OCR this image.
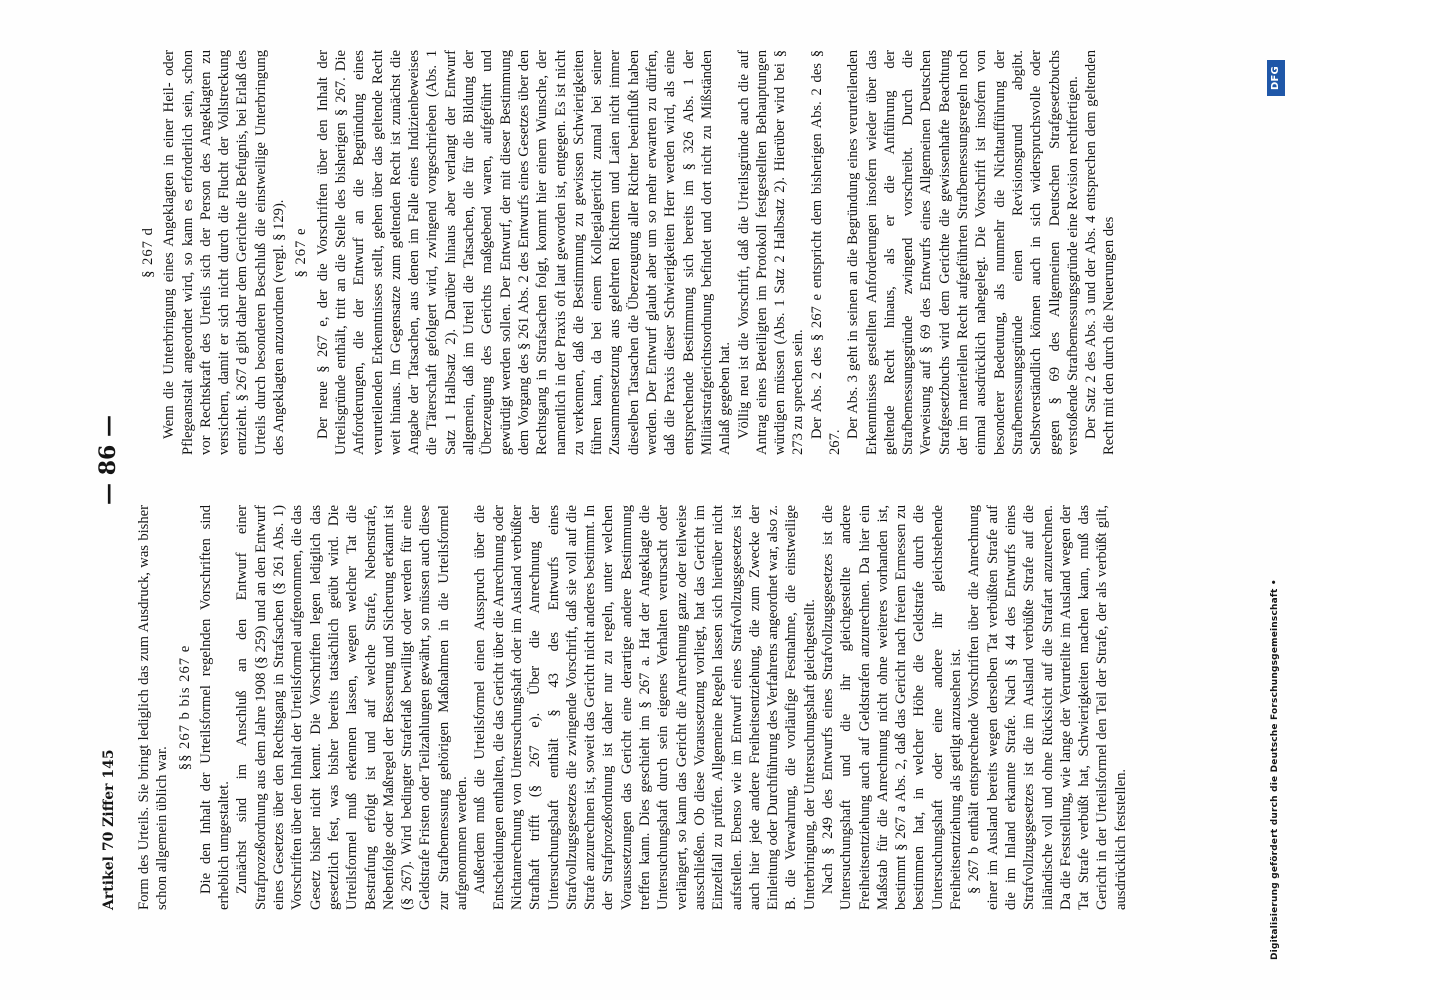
Artikel 70 Ziffer 145
— 86 —

Form des Urteils. Sie bringt lediglich das zum Ausdruck, was bisher schon allgemein üblich war.

§§ 267 b bis 267 e Die den Inhalt der Urteilsformel regelnden Vorschriften sind erheblich umgestaltet. Zunächst sind im Anschluß an den Entwurf einer Strafprozeßordnung aus dem Jahre 1908 (§ 259) und an den Entwurf eines Gesetzes über den Rechtsgang in Strafsachen (§ 261 Abs. 1) Vorschriften über den Inhalt der Urteilsformel aufgenommen, die das Gesetz bisher nicht kennt. Die Vorschriften legen lediglich das gesetzlich fest, was bisher bereits tatsächlich geübt wird. Die Urteilsformel muß erkennen lassen, wegen welcher Tat die Bestrafung erfolgt ist und auf welche Strafe, Nebenstrafe, Nebenfolge oder Maßregel der Besserung und Sicherung erkannt ist (§ 267). Wird bedingter Straferlaß bewilligt oder werden für eine Geldstrafe Fristen oder Teilzahlungen gewährt, so müssen auch diese zur Strafbemessung gehörigen Maßnahmen in die Urteilsformel aufgenommen werden. Außerdem muß die Urteilsformel einen Ausspruch über die Entscheidungen enthalten, die das Gericht über die Anrechnung oder Nichtanrechnung von Untersuchungshaft oder im Ausland verbüßter Strafhaft trifft (§ 267 e). Über die Anrechnung der Untersuchungshaft enthält § 43 des Entwurfs eines Strafvollzugsgesetzes die zwingende Vorschrift, daß sie voll auf die Strafe anzurechnen ist, soweit das Gericht nicht anderes bestimmt. In der Strafprozeßordnung ist daher nur zu regeln, unter welchen Voraussetzungen das Gericht eine derartige andere Bestimmung treffen kann. Dies geschieht im § 267 a. Hat der Angeklagte die Untersuchungshaft durch sein eigenes Verhalten verursacht oder verlängert, so kann das Gericht die Anrechnung ganz oder teilweise ausschließen. Ob diese Voraussetzung vorliegt, hat das Gericht im Einzelfall zu prüfen. Allgemeine Regeln lassen sich hierüber nicht aufstellen. Ebenso wie im Entwurf eines Strafvollzugsgesetzes ist auch hier jede andere Freiheitsentziehung, die zum Zwecke der Einleitung oder Durchführung des Verfahrens angeordnet war, also z. B. die Verwahrung, die vorläufige Festnahme, die einstweilige Unterbringung, der Untersuchungshaft gleichgestellt. Nach § 249 des Entwurfs eines Strafvollzugsgesetzes ist die Untersuchungshaft und die ihr gleichgestellte andere Freiheitsentziehung auch auf Geldstrafen anzurechnen. Da hier ein Maßstab für die Anrechnung nicht ohne weiteres vorhanden ist, bestimmt § 267 a Abs. 2, daß das Gericht nach freiem Ermessen zu bestimmen hat, in welcher Höhe die Geldstrafe durch die Untersuchungshaft oder eine andere ihr gleichstehende Freiheitsentziehung als getilgt anzusehen ist. § 267 b enthält entsprechende Vorschriften über die Anrechnung einer im Ausland bereits wegen derselben Tat verbüßten Strafe auf die im Inland erkannte Strafe. Nach § 44 des Entwurfs eines Strafvollzugsgesetzes ist die im Ausland verbüßte Strafe auf die inländische voll und ohne Rücksicht auf die Strafart anzurechnen. Da die Feststellung, wie lange der Verurteilte im Ausland wegen der Tat Strafe verbüßt hat, Schwierigkeiten machen kann, muß das Gericht in der Urteilsformel den Teil der Strafe, der als verbüßt gilt, ausdrücklich feststellen.

§ 267 d Wenn die Unterbringung eines Angeklagten in einer Heil- oder Pflegeanstalt angeordnet wird, so kann es erforderlich sein, schon vor Rechtskraft des Urteils sich der Person des Angeklagten zu versichern, damit er sich nicht durch die Flucht der Vollstreckung entzieht. § 267 d gibt daher dem Gerichte die Befugnis, bei Erlaß des Urteils durch besonderen Beschluß die einstweilige Unterbringung des Angeklagten anzuordnen (vergl. § 129). § 267 e Der neue § 267 e, der die Vorschriften über den Inhalt der Urteilsgründe enthält, tritt an die Stelle des bisherigen § 267. Die Anforderungen, die der Entwurf an die Begründung eines verurteilenden Erkenntnisses stellt, gehen über das geltende Recht weit hinaus. Im Gegensatze zum geltenden Recht ist zunächst die Angabe der Tatsachen, aus denen im Falle eines Indizienbeweises die Täterschaft gefolgert wird, zwingend vorgeschrieben (Abs. 1 Satz 1 Halbsatz 2). Darüber hinaus aber verlangt der Entwurf allgemein, daß im Urteil die Tatsachen, die für die Bildung der Überzeugung des Gerichts maßgebend waren, aufgeführt und gewürdigt werden sollen. Der Entwurf, der mit dieser Bestimmung dem Vorgang des § 261 Abs. 2 des Entwurfs eines Gesetzes über den Rechtsgang in Strafsachen folgt, kommt hier einem Wunsche, der namentlich in der Praxis oft laut geworden ist, entgegen. Es ist nicht zu verkennen, daß die Bestimmung zu gewissen Schwierigkeiten führen kann, da bei einem Kollegialgericht zumal bei seiner Zusammensetzung aus gelehrten Richtern und Laien nicht immer dieselben Tatsachen die Überzeugung aller Richter beeinflußt haben werden. Der Entwurf glaubt aber um so mehr erwarten zu dürfen, daß die Praxis dieser Schwierigkeiten Herr werden wird, als eine entsprechende Bestimmung sich bereits im § 326 Abs. 1 der Militärstrafgerichtsordnung befindet und dort nicht zu Mißständen Anlaß gegeben hat. Völlig neu ist die Vorschrift, daß die Urteilsgründe auch die auf Antrag eines Beteiligten im Protokoll festgestellten Behauptungen würdigen müssen (Abs. 1 Satz 2 Halbsatz 2). Hierüber wird bei § 273 zu sprechen sein. Der Abs. 2 des § 267 e entspricht dem bisherigen Abs. 2 des § 267.

Der Abs. 3 geht in seinen an die Begründung eines verurteilenden Erkenntnisses gestellten Anforderungen insofern wieder über das geltende Recht hinaus, als er die Anführung der Strafbemessungsgründe zwingend vorschreibt. Durch die Verweisung auf § 69 des Entwurfs eines Allgemeinen Deutschen Strafgesetzbuchs wird dem Gerichte die gewissenhafte Beachtung der im materiellen Recht aufgeführten Strafbemessungsregeln noch einmal ausdrücklich nahegelegt. Die Vorschrift ist insofern von besonderer Bedeutung, als nunmehr die Nichtaufführung der Strafbemessungsgründe einen Revisionsgrund abgibt. Selbstverständlich können auch in sich widerspruchsvolle oder gegen § 69 des Allgemeinen Deutschen Strafgesetzbuchs verstoßende Strafbemessungsgründe eine Revision rechtfertigen. Der Satz 2 des Abs. 3 und der Abs. 4 entsprechen dem geltenden Recht mit den durch die Neuerungen des

Digitalisierung gefördert durch die Deutsche Forschungsgemeinschaft •
DFG
